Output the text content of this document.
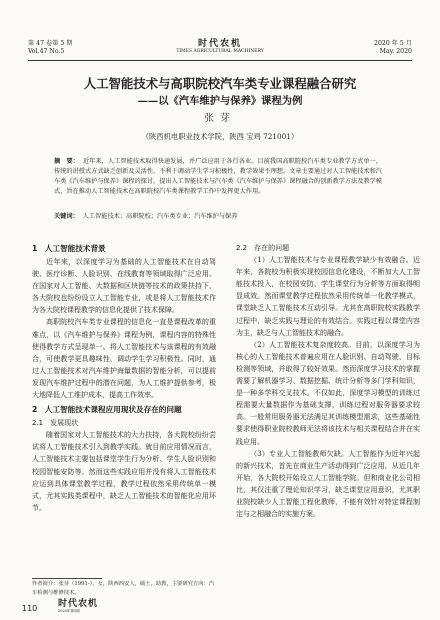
第 47 卷第 5 期
Vol.47 No.5
时代农机
TIMES AGRICULTURAL MACHINERY
2020 年 5 月
May. 2020
人工智能技术与高职院校汽车类专业课程融合研究
——以《汽车维护与保养》课程为例
张芽
（陕西机电职业技术学院，陕西 宝鸡 721001）
摘　要： 近年来，人工智能技术取得快速发展，并广泛应用于各行各业。目前我国高职院校汽车类专业教学方式单一，传统的讲授式方式缺乏创新及灵活性，不利于调动学生学习积极性，教学效果不理想。文章主要通过对人工智能技术和汽车类《汽车维护与保养》课程的探讨，提出人工智能技术与汽车类《汽车维护与保养》课程融合的创新教学方法及教学模式，旨在推动人工智能技术在高职院校汽车类课程教学工作中发挥更大作用。
关键词： 人工智能技术；高职院校；汽车类专业；汽车维护与保养

1　人工智能技术背景

近年来，以深度学习为基础的人工智能技术在自动驾驶、医疗诊断、人脸识别、在线教育等领域取得广泛应用。在国家对人工智能、大数据和区块链等技术的政策扶持下，各大院校也纷纷设立人工智能专业，或是将人工智能技术作为各大院校课程教学的信息化提供了技术保障。

高职院校汽车类专业课程的信息化一直是课程改革的重难点，以《汽车维护与保养》课程为例，课程内容的特殊性使得教学方式呈现单一。将人工智能技术与该课程的有效融合，可使教学更具趣味性，调动学生学习积极性。同时，通过人工智能技术对汽车维护海量数据的智能分析，可以提前发现汽车维护过程中的潜在问题，为人工维护提供参考，极大地降低人工维护成本，提高工作效率。

2　人工智能技术课程应用现状及存在的问题

2.1　发展现状

随着国家对人工智能技术的大力扶持，各大院校纷纷尝试将人工智能技术引入到教学实践。就目前应用情况而言，人工智能技术主要包括课堂学生行为分析、学生人脸识别和校园智能安防等。然而这些实践应用并没有将人工智能技术应运到具体课堂教学过程，教学过程依然采用传统单一模式，尤其实践类课程中，缺乏人工智能技术的智能化应用环节。

2.2　存在的问题

（1）人工智能技术与专业课程教学缺少有效融合。近年来，各院校为积极实现校园信息化建设，不断加大人工智能技术投入，在校园安防、学生课堂行为分析等方面取得明显成效。然而课堂教学过程依然采用传统单一化教学模式，课堂缺乏人工智能技术互动引导。尤其在高职院校实践教学过程中，缺乏实践与理论的有效结合。实践过程以课堂内容为主，缺乏与人工智能技术的融合。

（2）人工智能技术复杂度较高。目前，以深度学习为核心的人工智能技术普遍应用在人脸识别、自动驾驶、目标检测等领域，并取得了较好效果。然而深度学习技术的掌握需要了解机器学习、数据挖掘、统计分析等多门学科知识，是一种多学科交叉技术。不仅如此，深度学习模型的训练过程需要大量数据作为基础支撑，训练过程对服务器要求较高。一般常用服务器无法满足其训练模型需求，这些基础性要求使得职业院校教师无法将该技术与相关课程结合并在实践应用。

（3）专业人工智能教师欠缺。人工智能作为近年兴起的新兴技术，首先在商业生产活动得到广泛应用，从近几年开始，各大院校开始设立人工智能学院。但和商业化公司相比，其仅注重了理论知识学习，缺乏课堂应用意识，尤其职业院校缺少人工智能工程化教师，不能有效针对特定课程制定与之相融合的实施方案。

作者简介：张芽（1991-），女，陕西西安人，硕士，助教，主要研究方向：汽车检测与维修技术。
110 时代农机
2020年第5期
